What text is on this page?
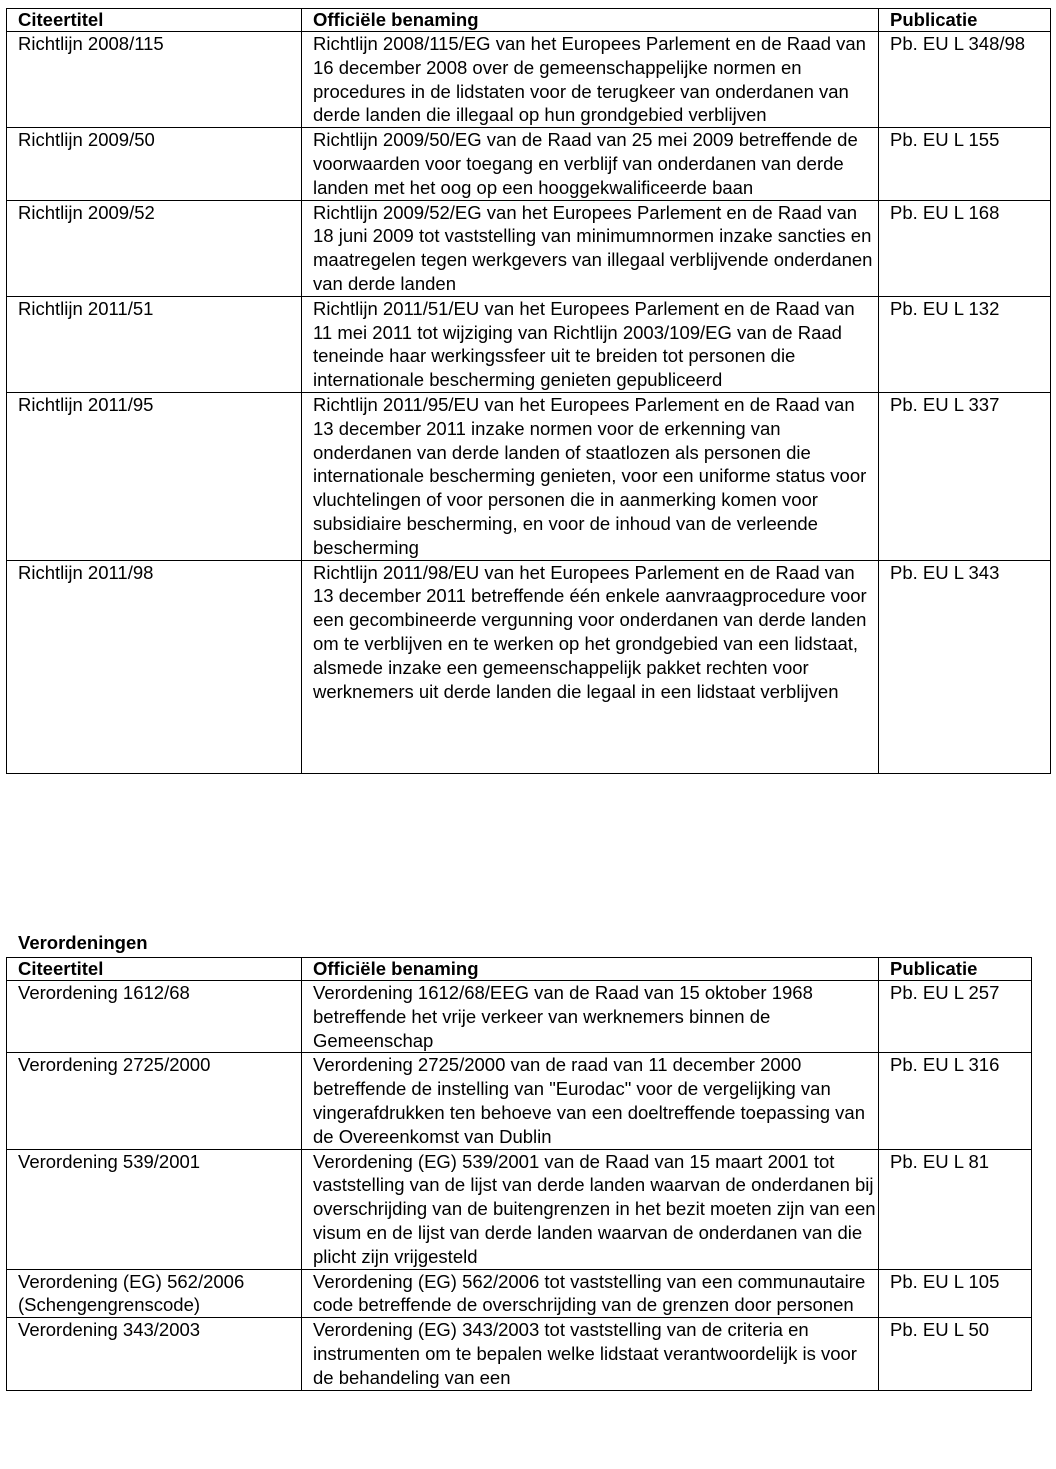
Citeertitel	Officiële benaming	Publicatie
Richtlijn 2008/115	Richtlijn 2008/115/EG van het Europees Parlement en de Raad van 16 december 2008 over de gemeenschappelijke normen en procedures in de lidstaten voor de terugkeer van onderdanen van derde landen die illegaal op hun grondgebied verblijven	Pb. EU L 348/98
Richtlijn 2009/50	Richtlijn 2009/50/EG van de Raad van 25 mei 2009 betreffende de voorwaarden voor toegang en verblijf van onderdanen van derde landen met het oog op een hooggekwalificeerde baan	Pb. EU L 155
Richtlijn 2009/52	Richtlijn 2009/52/EG van het Europees Parlement en de Raad van 18 juni 2009 tot vaststelling van minimumnormen inzake sancties en maatregelen tegen werkgevers van illegaal verblijvende onderdanen van derde landen	Pb. EU L 168
Richtlijn 2011/51	Richtlijn 2011/51/EU van het Europees Parlement en de Raad van 11 mei 2011 tot wijziging van Richtlijn 2003/109/EG van de Raad teneinde haar werkingssfeer uit te breiden tot personen die internationale bescherming genieten gepubliceerd	Pb. EU L 132
Richtlijn 2011/95	Richtlijn 2011/95/EU van het Europees Parlement en de Raad van 13 december 2011 inzake normen voor de erkenning van onderdanen van derde landen of staatlozen als personen die internationale bescherming genieten, voor een uniforme status voor vluchtelingen of voor personen die in aanmerking komen voor subsidiaire bescherming, en voor de inhoud van de verleende bescherming	Pb. EU L 337
Richtlijn 2011/98	Richtlijn 2011/98/EU van het Europees Parlement en de Raad van 13 december 2011 betreffende één enkele aanvraagprocedure voor een gecombineerde vergunning voor onderdanen van derde landen om te verblijven en te werken op het grondgebied van een lidstaat, alsmede inzake een gemeenschappelijk pakket rechten voor werknemers uit derde landen die legaal in een lidstaat verblijven	Pb. EU L 343
Verordeningen
Citeertitel	Officiële benaming	Publicatie
Verordening 1612/68	Verordening 1612/68/EEG van de Raad van 15 oktober 1968 betreffende het vrije verkeer van werknemers binnen de Gemeenschap	Pb. EU L 257
Verordening 2725/2000	Verordening 2725/2000 van de raad van 11 december 2000 betreffende de instelling van "Eurodac" voor de vergelijking van vingerafdrukken ten behoeve van een doeltreffende toepassing van de Overeenkomst van Dublin	Pb. EU L 316
Verordening 539/2001	Verordening (EG) 539/2001 van de Raad van 15 maart 2001 tot vaststelling van de lijst van derde landen waarvan de onderdanen bij overschrijding van de buitengrenzen in het bezit moeten zijn van een visum en de lijst van derde landen waarvan de onderdanen van die plicht zijn vrijgesteld	Pb. EU L 81
Verordening (EG) 562/2006 (Schengengrenscode)	Verordening (EG) 562/2006 tot vaststelling van een communautaire code betreffende de overschrijding van de grenzen door personen	Pb. EU L 105
Verordening 343/2003	Verordening (EG) 343/2003 tot vaststelling van de criteria en instrumenten om te bepalen welke lidstaat verantwoordelijk is voor de behandeling van een	Pb. EU L 50
